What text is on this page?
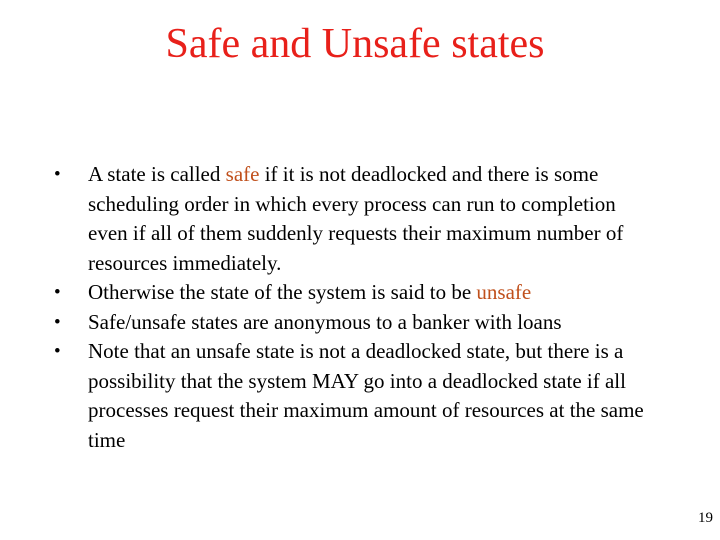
Safe and Unsafe states
•	A state is called safe if it is not deadlocked and there is some scheduling order in which every process can run to completion even if all of them suddenly requests their maximum number of resources immediately.
•	Otherwise the state of the system is said to be unsafe
•	Safe/unsafe states are anonymous to a banker with loans
•	Note that an unsafe state is not a deadlocked state, but there is a possibility that the system MAY go into a deadlocked state if all processes request their maximum amount of resources at the same time
19
